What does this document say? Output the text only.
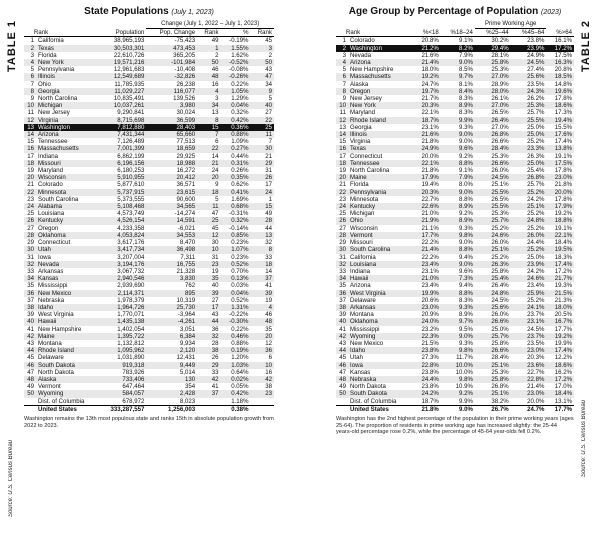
TABLE 1
Source: U.S. Census Bureau
State Populations (July 1, 2023)
			Change (July 1, 2022 – July 1, 2023)			
Rank		Population	Pop. Change	Rank	%	Rank
1	California	38,965,193	-75,423	49	-0.19%	45
2	Texas	30,503,301	473,453	1	1.55%	3
3	Florida	22,610,726	365,205	2	1.62%	2
4	New York	19,571,216	-101,984	50	-0.52%	50
5	Pennsylvania	12,961,683	-10,408	46	-0.08%	43
6	Illinois	12,549,689	-32,826	48	-0.26%	47
7	Ohio	11,785,935	26,238	16	0.22%	34
8	Georgia	11,029,227	116,077	4	1.05%	9
9	North Carolina	10,835,491	139,526	3	1.29%	5
10	Michigan	10,037,261	3,980	34	0.04%	40
11	New Jersey	9,290,841	30,024	13	0.32%	27
12	Virginia	8,715,698	36,599	8	0.42%	22
13	Washington	7,812,880	28,403	15	0.36%	25
14	Arizona	7,431,344	65,660	7	0.88%	11
15	Tennessee	7,126,489	77,513	6	1.09%	7
16	Massachusetts	7,001,399	18,659	22	0.27%	30
17	Indiana	6,862,199	29,925	14	0.44%	21
18	Missouri	6,196,156	18,988	21	0.31%	29
19	Maryland	6,180,253	16,272	24	0.26%	31
20	Wisconsin	5,910,955	20,412	20	0.35%	26
21	Colorado	5,877,610	36,571	9	0.62%	17
22	Minnesota	5,737,915	23,615	18	0.41%	24
23	South Carolina	5,373,555	90,600	5	1.69%	1
24	Alabama	5,108,468	34,565	11	0.68%	15
25	Louisiana	4,573,749	-14,274	47	-0.31%	49
26	Kentucky	4,526,154	14,591	25	0.32%	28
27	Oregon	4,233,358	-6,021	45	-0.14%	44
28	Oklahoma	4,053,824	34,553	12	0.85%	13
29	Connecticut	3,617,176	8,470	30	0.23%	32
30	Utah	3,417,734	36,498	10	1.07%	8
31	Iowa	3,207,004	7,311	31	0.23%	33
32	Nevada	3,194,176	16,755	23	0.52%	18
33	Arkansas	3,067,732	21,328	19	0.70%	14
34	Kansas	2,940,546	3,830	35	0.13%	37
35	Mississippi	2,939,690	762	40	0.03%	41
36	New Mexico	2,114,371	895	39	0.04%	39
37	Nebraska	1,978,379	10,319	27	0.52%	19
38	Idaho	1,964,726	25,730	17	1.31%	4
39	West Virginia	1,770,071	-3,964	43	-0.22%	46
40	Hawaii	1,435,138	-4,261	44	-0.30%	48
41	New Hampshire	1,402,054	3,051	36	0.22%	35
42	Maine	1,395,722	6,384	32	0.46%	20
43	Montana	1,132,812	9,934	28	0.88%	12
44	Rhode Island	1,095,962	2,120	38	0.19%	36
45	Delaware	1,031,890	12,431	26	1.20%	6
46	South Dakota	919,318	9,449	29	1.03%	10
47	North Dakota	783,926	5,014	33	0.64%	16
48	Alaska	733,406	130	42	0.02%	42
49	Vermont	647,464	354	41	0.05%	38
50	Wyoming	584,057	2,428	37	0.42%	23
	Dist. of Columbia	678,972	8,023		1.18%	
	United States	333,287,557	1,256,003		0.38%	
Washington remains the 13th most populous state and ranks 15th in absolute population growth from 2022 to 2023.
Age Group by Percentage of Population (2023)
				Prime Working Age		
Rank		%<18	%18–24	%25–44	%45–64	%>64
1	Colorado	20.8%	9.1%	30.2%	23.8%	16.1%
2	Washington	21.2%	8.2%	29.4%	23.9%	17.2%
3	Nevada	21.6%	7.9%	28.1%	24.9%	17.5%
4	Arizona	21.4%	9.0%	25.8%	24.5%	16.3%
5	New Hampshire	18.0%	8.5%	25.3%	27.4%	20.8%
6	Massachusetts	19.2%	9.7%	27.0%	25.6%	18.5%
7	Alaska	24.7%	8.1%	28.9%	23.5%	14.8%
8	Oregon	19.7%	8.4%	28.0%	24.3%	19.6%
9	New Jersey	21.7%	8.3%	26.1%	26.2%	17.8%
10	New York	20.3%	8.9%	27.0%	25.3%	18.6%
11	Maryland	22.1%	8.3%	26.5%	25.7%	17.3%
12	Rhode Island	18.7%	9.9%	26.4%	25.5%	19.4%
13	Georgia	23.1%	9.3%	27.0%	25.0%	15.5%
14	Illinois	21.6%	9.0%	26.8%	25.0%	17.6%
15	Virginia	21.8%	9.0%	26.6%	25.2%	17.4%
16	Texas	24.9%	9.6%	28.4%	23.3%	13.8%
17	Connecticut	20.0%	9.2%	25.3%	26.3%	19.1%
18	Tennessee	22.1%	8.8%	26.6%	25.0%	17.5%
19	North Carolina	21.8%	9.1%	26.0%	25.4%	17.8%
20	Maine	17.9%	7.9%	24.5%	26.8%	23.0%
21	Florida	19.4%	8.0%	25.1%	25.7%	21.8%
22	Pennsylvania	20.3%	9.0%	25.5%	25.2%	20.0%
23	Minnesota	22.7%	8.8%	26.5%	24.2%	17.8%
24	Kentucky	22.6%	8.9%	25.5%	25.1%	17.9%
25	Michigan	21.0%	9.2%	25.3%	25.2%	19.2%
26	Ohio	21.9%	8.9%	25.7%	24.8%	18.8%
27	Wisconsin	21.1%	9.3%	25.2%	25.2%	19.1%
28	Vermont	17.7%	9.8%	24.6%	26.0%	22.1%
29	Missouri	22.2%	9.0%	26.0%	24.4%	18.4%
30	South Carolina	21.4%	8.8%	25.1%	25.2%	19.5%
31	California	22.2%	9.4%	25.2%	25.0%	18.3%
32	Louisiana	23.4%	9.0%	26.3%	23.9%	17.4%
33	Indiana	23.1%	9.6%	25.8%	24.2%	17.2%
34	Hawaii	21.0%	7.3%	25.4%	24.6%	21.7%
35	Arizona	23.4%	9.4%	26.4%	23.4%	19.3%
36	West Virginia	19.9%	8.8%	24.8%	25.9%	21.5%
37	Delaware	20.6%	8.3%	24.5%	25.2%	21.3%
38	Arkansas	23.0%	9.3%	25.6%	24.1%	18.0%
39	Montana	20.9%	8.9%	26.0%	23.7%	20.5%
40	Oklahoma	24.0%	9.7%	26.6%	23.1%	16.7%
41	Mississippi	23.2%	9.5%	25.0%	24.5%	17.7%
42	Wyoming	22.3%	9.0%	25.7%	23.7%	19.2%
43	New Mexico	21.5%	9.3%	25.8%	23.5%	19.9%
44	Idaho	23.8%	9.8%	26.6%	23.0%	17.4%
45	Utah	27.3%	11.7%	28.4%	20.3%	12.2%
46	Iowa	22.8%	10.0%	25.1%	23.6%	18.6%
47	Kansas	23.8%	10.0%	25.3%	22.7%	16.2%
48	Nebraska	24.4%	9.8%	25.8%	22.8%	17.2%
49	North Dakota	23.8%	10.9%	26.8%	21.4%	17.0%
50	South Dakota	24.2%	9.2%	25.1%	23.0%	18.4%
	Dist. of Columbia	18.7%	9.9%	38.2%	20.0%	13.1%
	United States	21.8%	9.0%	26.7%	24.7%	17.7%
Washington has the 2nd highest percentage of the population in their prime working years (ages 25-64). The proportion of residents in prime working age has increased slightly: the 25-44 years-old percentage rose 0.2%, while the percentage of 45-64 year-olds fell 0.2%.
TABLE 2
Source: U.S. Census Bureau
